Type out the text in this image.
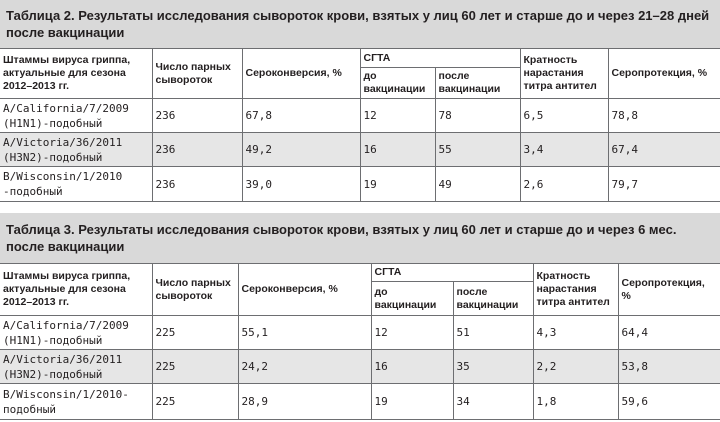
Таблица 2. Результаты исследования сывороток крови, взятых у лиц 60 лет и старше до и через 21–28 дней после вакцинации
Штаммы вируса гриппа, актуальные для сезона 2012–2013 гг.	Число парных сывороток	Сероконверсия, %	СГТА		Кратность нарастания титра антител	Серопротекция, %
			до вакцинации	после вакцинации		
A/California/7/2009 (H1N1)-подобный	236	67,8	12	78	6,5	78,8
A/Victoria/36/2011 (H3N2)-подобный	236	49,2	16	55	3,4	67,4
B/Wisconsin/1/2010 -подобный	236	39,0	19	49	2,6	79,7
Таблица 3. Результаты исследования сывороток крови, взятых у лиц 60 лет и старше до и через 6 мес. после вакцинации
Штаммы вируса гриппа, актуальные для сезона 2012–2013 гг.	Число парных сывороток	Сероконверсия, %	СГТА		Кратность нарастания титра антител	Серопротекция, %
			до вакцинации	после вакцинации		
A/California/7/2009 (H1N1)-подобный	225	55,1	12	51	4,3	64,4
A/Victoria/36/2011 (H3N2)-подобный	225	24,2	16	35	2,2	53,8
B/Wisconsin/1/2010-подобный	225	28,9	19	34	1,8	59,6
